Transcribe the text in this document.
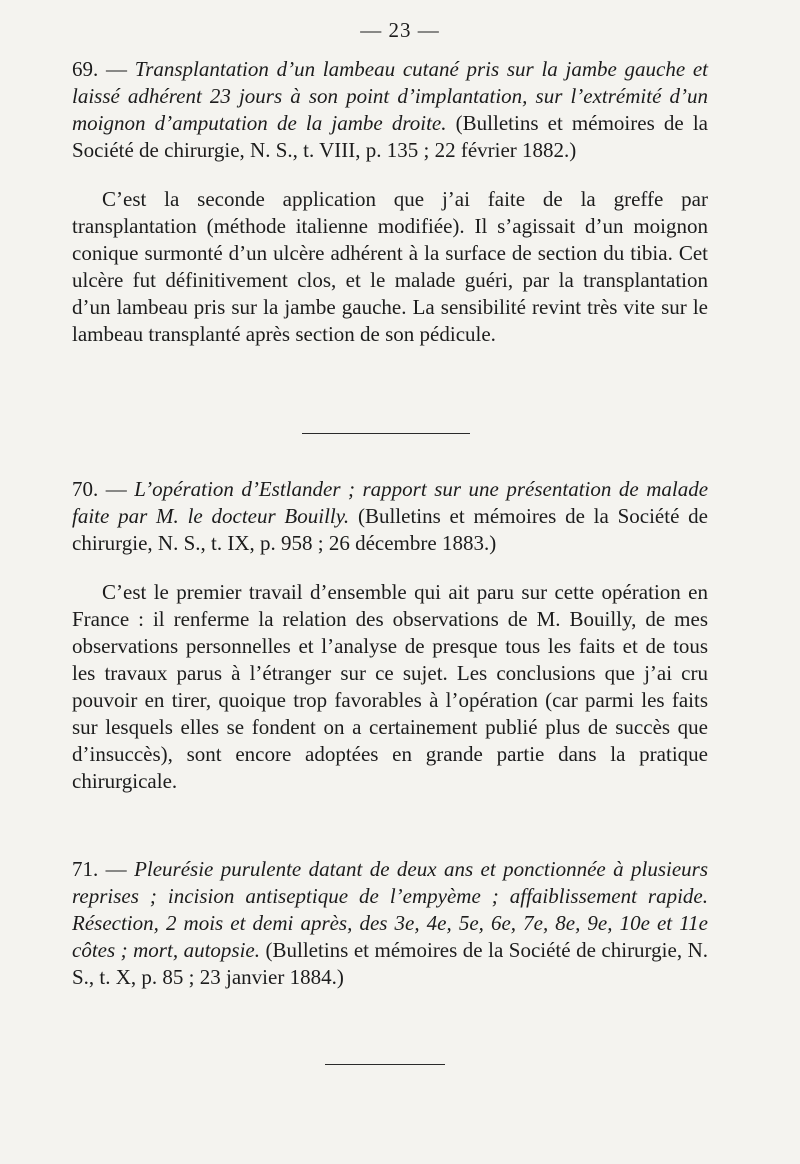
— 23 —
69. — Transplantation d’un lambeau cutané pris sur la jambe gauche et laissé adhérent 23 jours à son point d’implantation, sur l’extrémité d’un moignon d’amputation de la jambe droite. (Bulletins et mémoires de la Société de chirurgie, N. S., t. VIII, p. 135 ; 22 février 1882.)
C’est la seconde application que j’ai faite de la greffe par transplantation (méthode italienne modifiée). Il s’agissait d’un moignon conique surmonté d’un ulcère adhérent à la surface de section du tibia. Cet ulcère fut définitivement clos, et le malade guéri, par la transplantation d’un lambeau pris sur la jambe gauche. La sensibilité revint très vite sur le lambeau transplanté après section de son pédicule.
70. — L’opération d’Estlander ; rapport sur une présentation de malade faite par M. le docteur Bouilly. (Bulletins et mémoires de la Société de chirurgie, N. S., t. IX, p. 958 ; 26 décembre 1883.)
C’est le premier travail d’ensemble qui ait paru sur cette opération en France : il renferme la relation des observations de M. Bouilly, de mes observations personnelles et l’analyse de presque tous les faits et de tous les travaux parus à l’étranger sur ce sujet. Les conclusions que j’ai cru pouvoir en tirer, quoique trop favorables à l’opération (car parmi les faits sur lesquels elles se fondent on a certainement publié plus de succès que d’insuccès), sont encore adoptées en grande partie dans la pratique chirurgicale.
71. — Pleurésie purulente datant de deux ans et ponctionnée à plusieurs reprises ; incision antiseptique de l’empyème ; affaiblissement rapide. Résection, 2 mois et demi après, des 3e, 4e, 5e, 6e, 7e, 8e, 9e, 10e et 11e côtes ; mort, autopsie. (Bulletins et mémoires de la Société de chirurgie, N. S., t. X, p. 85 ; 23 janvier 1884.)
